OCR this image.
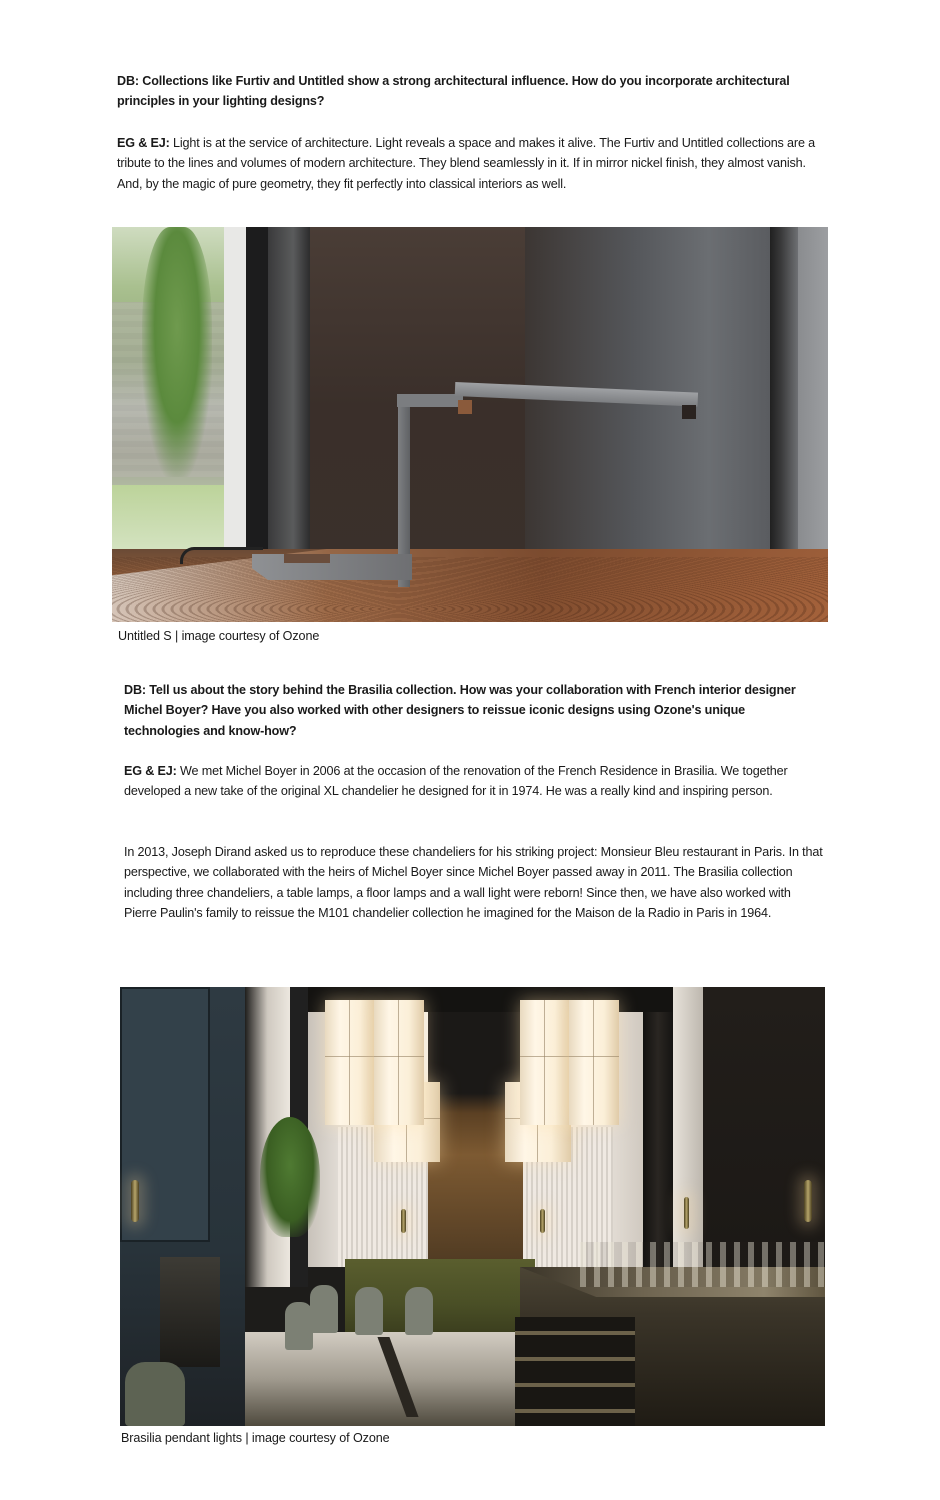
DB: Collections like Furtiv and Untitled show a strong architectural influence. How do you incorporate architectural principles in your lighting designs?

EG & EJ: Light is at the service of architecture. Light reveals a space and makes it alive. The Furtiv and Untitled collections are a tribute to the lines and volumes of modern architecture. They blend seamlessly in it. If in mirror nickel finish, they almost vanish. And, by the magic of pure geometry, they fit perfectly into classical interiors as well.

Untitled S | image courtesy of Ozone

DB: Tell us about the story behind the Brasilia collection. How was your collaboration with French interior designer Michel Boyer? Have you also worked with other designers to reissue iconic designs using Ozone's unique technologies and know-how?

EG & EJ: We met Michel Boyer in 2006 at the occasion of the renovation of the French Residence in Brasilia. We together developed a new take of the original XL chandelier he designed for it in 1974. He was a really kind and inspiring person.

In 2013, Joseph Dirand asked us to reproduce these chandeliers for his striking project: Monsieur Bleu restaurant in Paris. In that perspective, we collaborated with the heirs of Michel Boyer since Michel Boyer passed away in 2011. The Brasilia collection including three chandeliers, a table lamps, a floor lamps and a wall light were reborn! Since then, we have also worked with Pierre Paulin's family to reissue the M101 chandelier collection he imagined for the Maison de la Radio in Paris in 1964.

Brasilia pendant lights | image courtesy of Ozone
